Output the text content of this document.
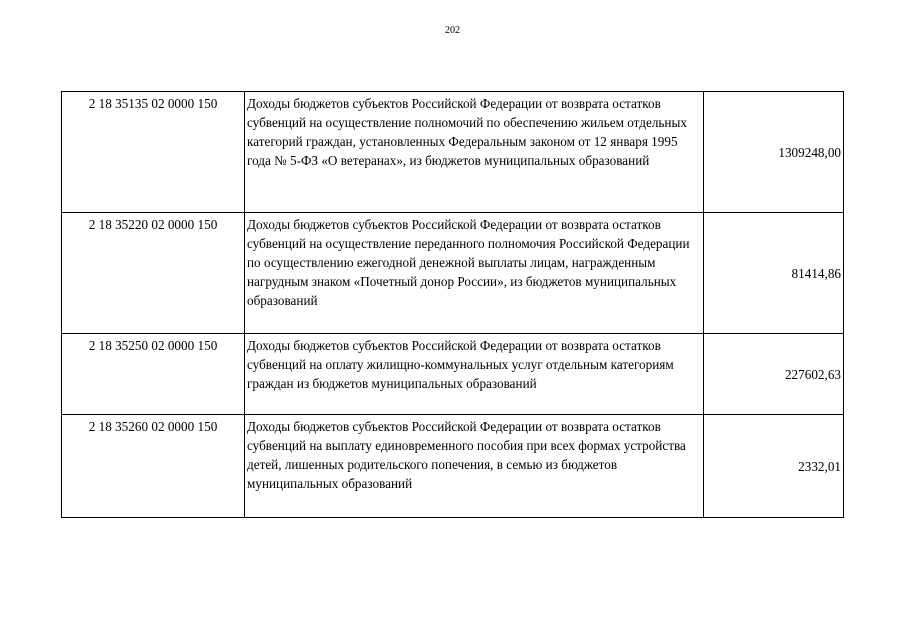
202
2 18 35135 02 0000 150	Доходы бюджетов субъектов Российской Федерации от возврата остатков субвенций на осуществление полномочий по обеспечению жильем отдельных категорий граждан, установленных Федеральным законом от 12 января 1995 года № 5-ФЗ «О ветеранах», из бюджетов муниципальных образований	1309248,00
2 18 35220 02 0000 150	Доходы бюджетов субъектов Российской Федерации от возврата остатков субвенций на осуществление переданного полномочия Российской Федерации по осуществлению ежегодной денежной выплаты лицам, награжденным нагрудным знаком «Почетный донор России», из бюджетов муниципальных образований	81414,86
2 18 35250 02 0000 150	Доходы бюджетов субъектов Российской Федерации от возврата остатков субвенций на оплату жилищно-коммунальных услуг отдельным категориям граждан из бюджетов муниципальных образований	227602,63
2 18 35260 02 0000 150	Доходы бюджетов субъектов Российской Федерации от возврата остатков субвенций на выплату единовременного пособия при всех формах устройства детей, лишенных родительского попечения, в семью из бюджетов муниципальных образований	2332,01
